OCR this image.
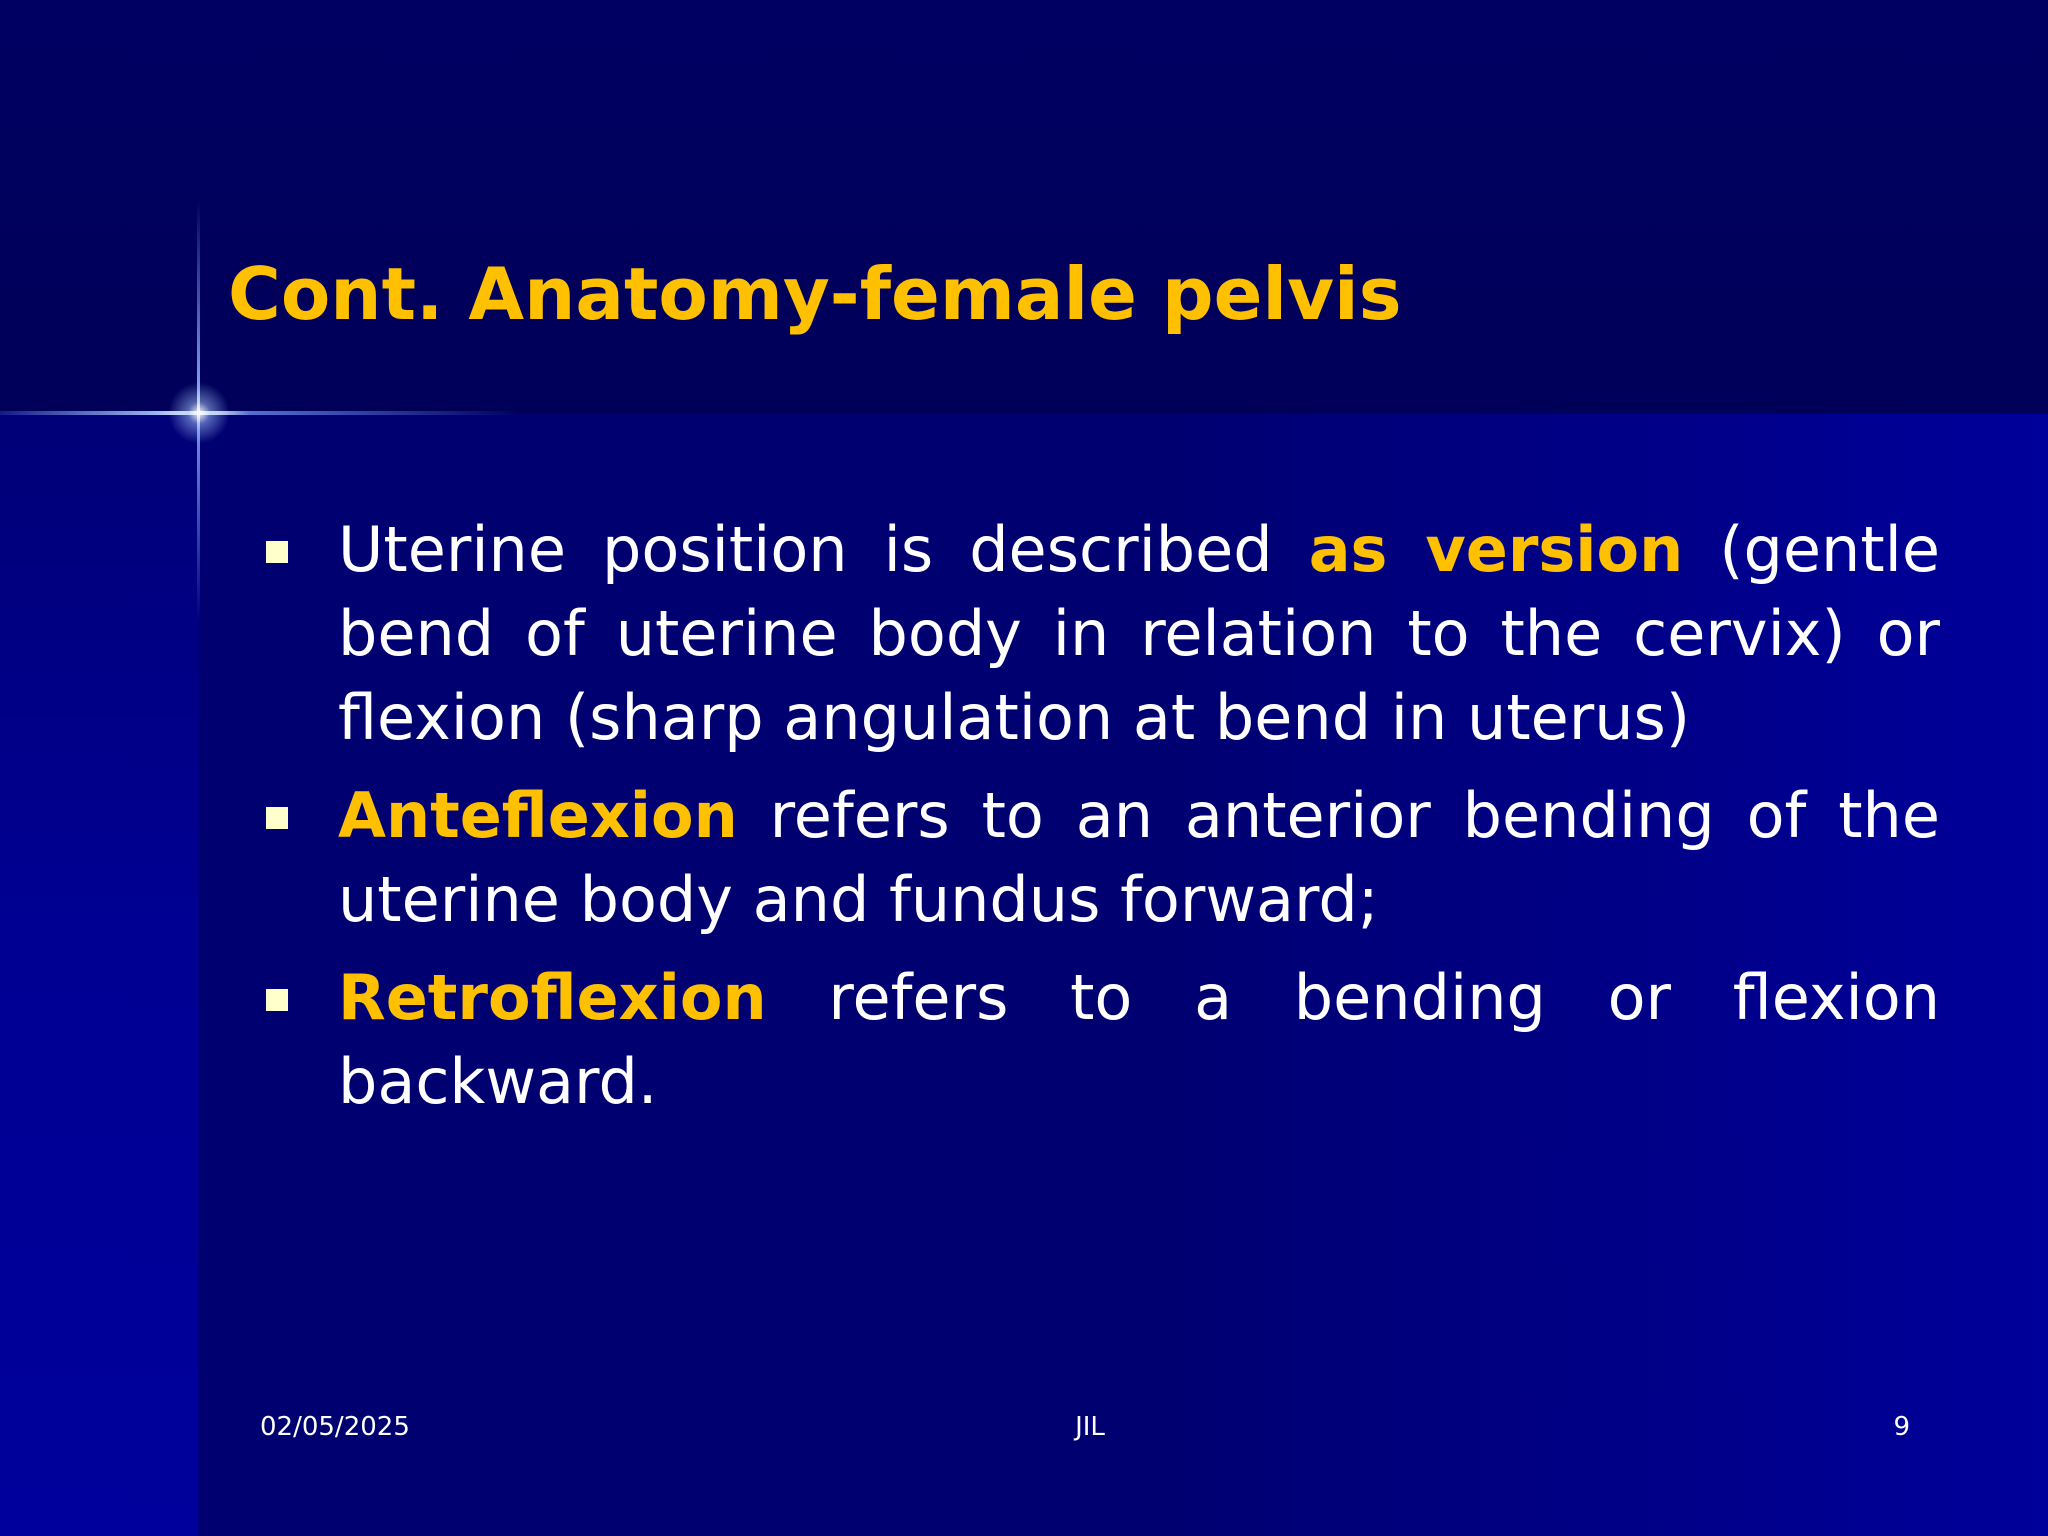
Cont. Anatomy-female pelvis
Uterine position is described as version (gentle bend of uterine body in relation to the cervix) or flexion (sharp angulation at bend in uterus)
Anteflexion refers to an anterior bending of the uterine body and fundus forward;
Retroflexion refers to a bending or flexion backward.
02/05/2025	JIL	9
